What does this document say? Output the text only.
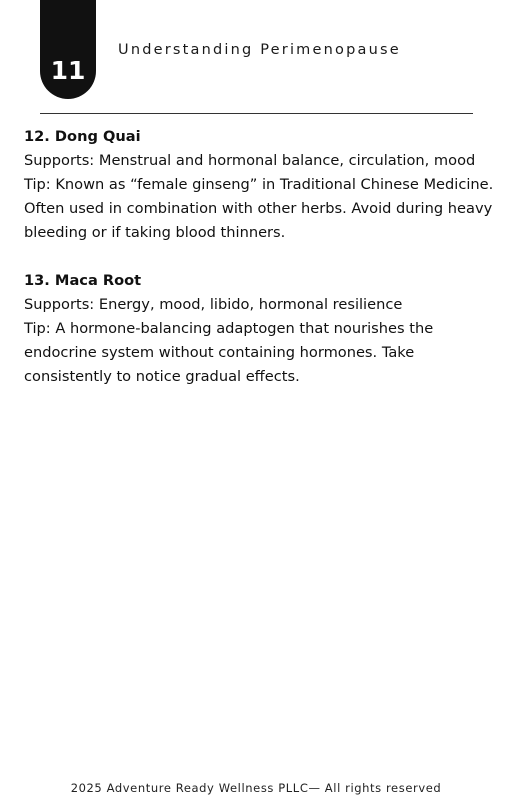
11
Understanding Perimenopause

12. Dong Quai

Supports: Menstrual and hormonal balance, circulation, mood

Tip: Known as “female ginseng” in Traditional Chinese Medicine. Often used in combination with other herbs. Avoid during heavy bleeding or if taking blood thinners.

13. Maca Root

Supports: Energy, mood, libido, hormonal resilience

Tip: A hormone-balancing adaptogen that nourishes the endocrine system without containing hormones. Take consistently to notice gradual effects.

2025 Adventure Ready Wellness PLLC— All rights reserved
